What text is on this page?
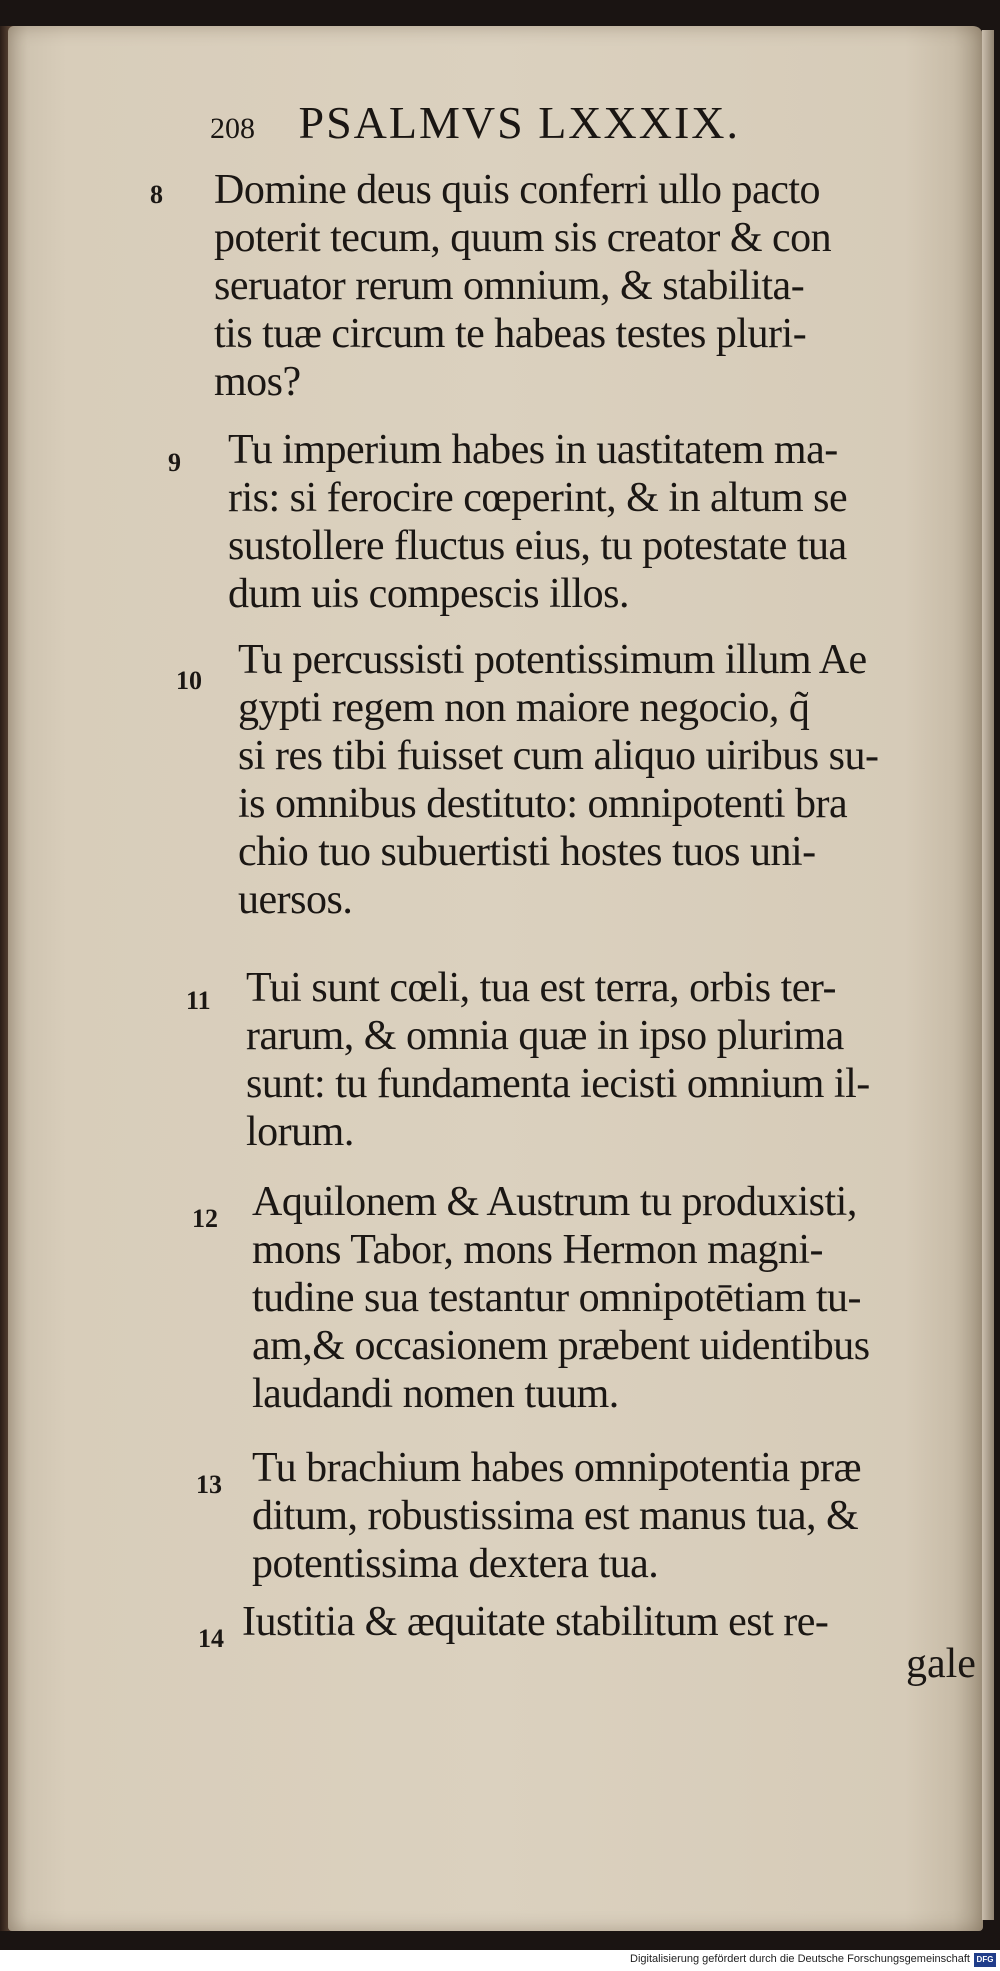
208 PSALMVS LXXXIX.
8 Domine deus quis conferri ullo pacto
poterit tecum, quum sis creator & con
seruator rerum omnium, & stabilita-
tis tuæ circum te habeas testes pluri-
mos?
9 Tu imperium habes in uastitatem ma-
ris: si ferocire cœperint, & in altum se
sustollere fluctus eius, tu potestate tua
dum uis compescis illos.
10 Tu percussisti potentissimum illum Ae
gypti regem non maiore negocio, q̃
si res tibi fuisset cum aliquo uiribus su-
is omnibus destituto: omnipotenti bra
chio tuo subuertisti hostes tuos uni-
uersos.
11 Tui sunt cœli, tua est terra, orbis ter-
rarum, & omnia quæ in ipso plurima
sunt: tu fundamenta iecisti omnium il-
lorum.
12 Aquilonem & Austrum tu produxisti,
mons Tabor, mons Hermon magni-
tudine sua testantur omnipotētiam tu-
am,& occasionem præbent uidentibus
laudandi nomen tuum.
13 Tu brachium habes omnipotentia præ
ditum, robustissima est manus tua, &
potentissima dextera tua.
14 Iustitia & æquitate stabilitum est re-
gale
Digitalisierung gefördert durch die Deutsche Forschungsgemeinschaft DFG
